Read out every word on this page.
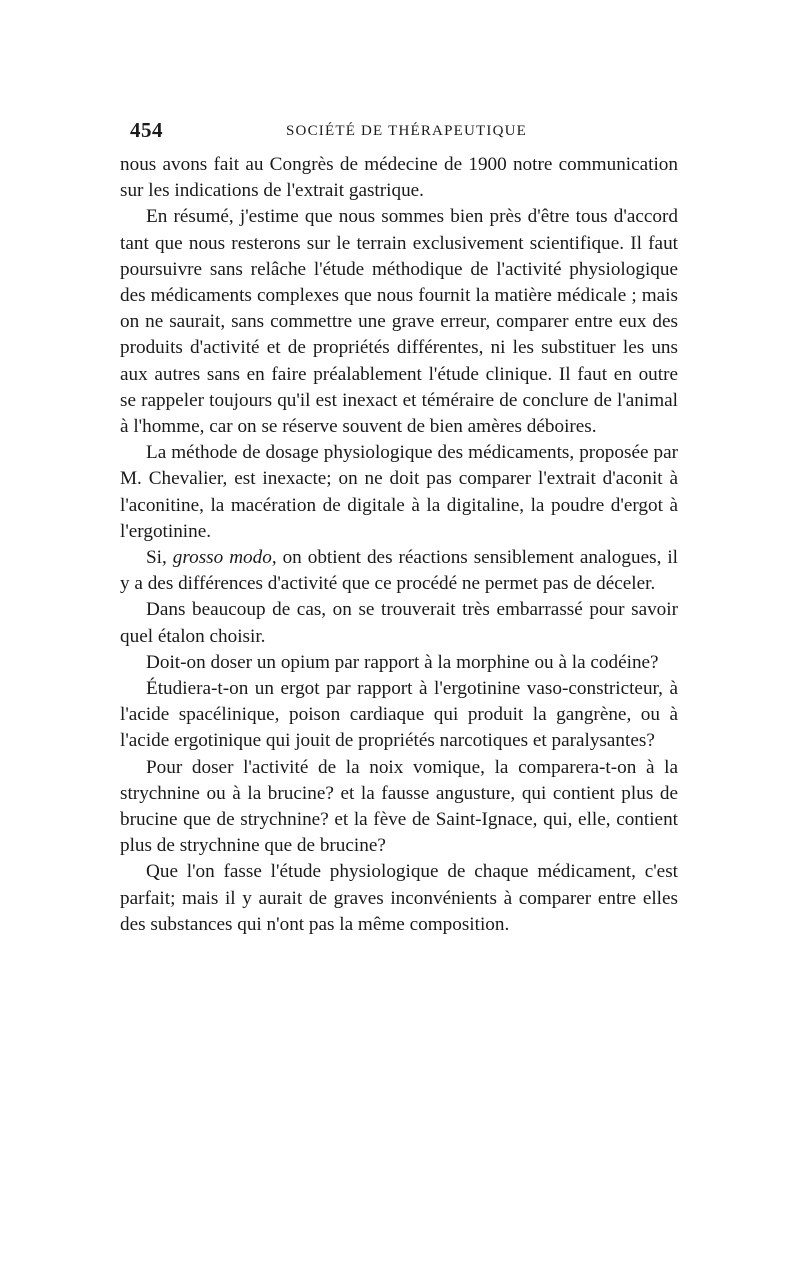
454	SOCIÉTÉ DE THÉRAPEUTIQUE

nous avons fait au Congrès de médecine de 1900 notre communication sur les indications de l'extrait gastrique.

En résumé, j'estime que nous sommes bien près d'être tous d'accord tant que nous resterons sur le terrain exclusivement scientifique. Il faut poursuivre sans relâche l'étude méthodique de l'activité physiologique des médicaments complexes que nous fournit la matière médicale ; mais on ne saurait, sans commettre une grave erreur, comparer entre eux des produits d'activité et de propriétés différentes, ni les substituer les uns aux autres sans en faire préalablement l'étude clinique. Il faut en outre se rappeler toujours qu'il est inexact et téméraire de conclure de l'animal à l'homme, car on se réserve souvent de bien amères déboires.

La méthode de dosage physiologique des médicaments, proposée par M. Chevalier, est inexacte; on ne doit pas comparer l'extrait d'aconit à l'aconitine, la macération de digitale à la digitaline, la poudre d'ergot à l'ergotinine.

Si, grosso modo, on obtient des réactions sensiblement analogues, il y a des différences d'activité que ce procédé ne permet pas de déceler.

Dans beaucoup de cas, on se trouverait très embarrassé pour savoir quel étalon choisir.

Doit-on doser un opium par rapport à la morphine ou à la codéine?

Étudiera-t-on un ergot par rapport à l'ergotinine vaso-constricteur, à l'acide spacélinique, poison cardiaque qui produit la gangrène, ou à l'acide ergotinique qui jouit de propriétés narcotiques et paralysantes?

Pour doser l'activité de la noix vomique, la comparera-t-on à la strychnine ou à la brucine? et la fausse angusture, qui contient plus de brucine que de strychnine? et la fève de Saint-Ignace, qui, elle, contient plus de strychnine que de brucine?

Que l'on fasse l'étude physiologique de chaque médicament, c'est parfait; mais il y aurait de graves inconvénients à comparer entre elles des substances qui n'ont pas la même composition.
